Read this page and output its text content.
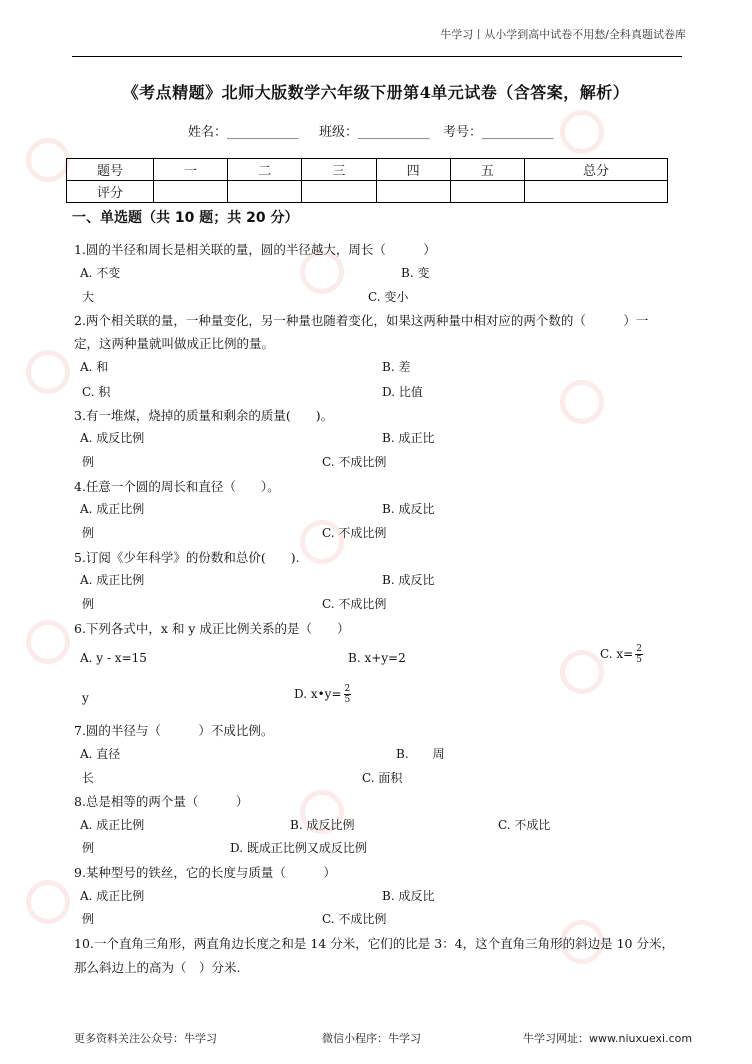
牛学习丨从小学到高中试卷不用愁/全科真题试卷库
《考点精题》北师大版数学六年级下册第4单元试卷（含答案，解析）
姓名：___________ 班级：___________ 考号：___________
题号	一	二	三	四	五	总分
评分						
一、单选题（共 10 题；共 20 分）
1.圆的半径和周长是相关联的量，圆的半径越大，周长（　　　）
A. 不变	B. 变
大	C. 变小
2.两个相关联的量，一种量变化，另一种量也随着变化，如果这两种量中相对应的两个数的（　　　）一
定，这两种量就叫做成正比例的量。
A. 和	B. 差
C. 积	D. 比值
3.有一堆煤，烧掉的质量和剩余的质量(　　)。
A. 成反比例	B. 成正比
例	C. 不成比例
4.任意一个圆的周长和直径（　　）。
A. 成正比例	B. 成反比
例	C. 不成比例
5.订阅《少年科学》的份数和总价(　　).
A. 成正比例	B. 成反比
例	C. 不成比例
6.下列各式中，x 和 y 成正比例关系的是（　　）
A. y - x=15	B. x+y=2	C. $x= \frac{2}{5}$
y	D. x•y= $\frac{2}{5}$
7.圆的半径与（　　　）不成比例。
A. 直径	B.　　周
长	C. 面积
8.总是相等的两个量（　　　）
A. 成正比例	B. 成反比例	C. 不成比
例	D. 既成正比例又成反比例
9.某种型号的铁丝，它的长度与质量（　　　）
A. 成正比例	B. 成反比
例	C. 不成比例
10.一个直角三角形，两直角边长度之和是 14 分米，它们的比是 3：4，这个直角三角形的斜边是 10 分米，
那么斜边上的高为（　）分米.
更多资料关注公众号：牛学习	微信小程序：牛学习	牛学习网址：www.niuxuexi.com
